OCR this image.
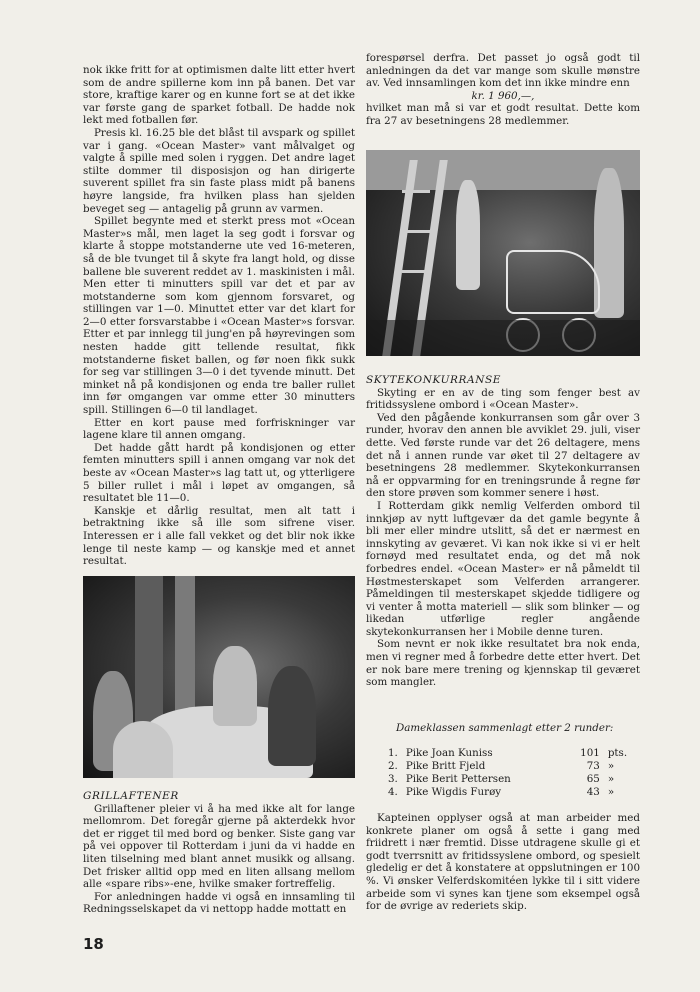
nok ikke fritt for at optimismen dalte litt etter hvert som de andre spillerne kom inn på banen. Det var store, kraftige karer og en kunne fort se at det ikke var første gang de sparket fotball. De hadde nok lekt med fotballen før.

Presis kl. 16.25 ble det blåst til avspark og spillet var i gang. «Ocean Master» vant målvalget og valgte å spille med solen i ryggen. Det andre laget stilte dommer til disposisjon og han dirigerte suverent spillet fra sin faste plass midt på banens høyre langside, fra hvilken plass han sjelden beveget seg — antagelig på grunn av varmen.

Spillet begynte med et sterkt press mot «Ocean Master»s mål, men laget la seg godt i forsvar og klarte å stoppe motstanderne ute ved 16-meteren, så de ble tvunget til å skyte fra langt hold, og disse ballene ble suverent reddet av 1. maskinisten i mål. Men etter ti minutters spill var det et par av motstanderne som kom gjennom forsvaret, og stillingen var 1—0. Minuttet etter var det klart for 2—0 etter forsvarstabbe i «Ocean Master»s forsvar. Etter et par innlegg til jung'en på høyrevingen som nesten hadde gitt tellende resultat, fikk motstanderne fisket ballen, og før noen fikk sukk for seg var stillingen 3—0 i det tyvende minutt. Det minket nå på kondisjonen og enda tre baller rullet inn før omgangen var omme etter 30 minutters spill. Stillingen 6—0 til landlaget.

Etter en kort pause med forfriskninger var lagene klare til annen omgang.

Det hadde gått hardt på kondisjonen og etter femten minutters spill i annen omgang var nok det beste av «Ocean Master»s lag tatt ut, og ytterligere 5 biller rullet i mål i løpet av omgangen, så resultatet ble 11—0.

Kanskje et dårlig resultat, men alt tatt i betraktning ikke så ille som sifrene viser. Interessen er i alle fall vekket og det blir nok ikke lenge til neste kamp — og kanskje med et annet resultat.

GRILLAFTENER

Grillaftener pleier vi å ha med ikke alt for lange mellomrom. Det foregår gjerne på akterdekk hvor det er rigget til med bord og benker. Siste gang var på vei oppover til Rotterdam i juni da vi hadde en liten tilselning med blant annet musikk og allsang. Det frisker alltid opp med en liten allsang mellom alle «spare ribs»-ene, hvilke smaker fortreffelig.

For anledningen hadde vi også en innsamling til Redningsselskapet da vi nettopp hadde mottatt en

18

forespørsel derfra. Det passet jo også godt til anledningen da det var mange som skulle mønstre av. Ved innsamlingen kom det inn ikke mindre enn

kr. 1 960,—,

hvilket man må si var et godt resultat. Dette kom fra 27 av besetningens 28 medlemmer.

SKYTEKONKURRANSE

Skyting er en av de ting som fenger best av fritidssyslene ombord i «Ocean Master».

Ved den pågående konkurransen som går over 3 runder, hvorav den annen ble avviklet 29. juli, viser dette. Ved første runde var det 26 deltagere, mens det nå i annen runde var øket til 27 deltagere av besetningens 28 medlemmer. Skytekonkurransen nå er oppvarming for en treningsrunde å regne før den store prøven som kommer senere i høst.

I Rotterdam gikk nemlig Velferden ombord til innkjøp av nytt luftgevær da det gamle begynte å bli mer eller mindre utslitt, så det er nærmest en innskyting av geværet. Vi kan nok ikke si vi er helt fornøyd med resultatet enda, og det må nok forbedres endel. «Ocean Master» er nå påmeldt til Høstmesterskapet som Velferden arrangerer. Påmeldingen til mesterskapet skjedde tidligere og vi venter å motta materiell — slik som blinker — og likedan utførlige regler angående skytekonkurransen her i Mobile denne turen.

Som nevnt er nok ikke resultatet bra nok enda, men vi regner med å forbedre dette etter hvert. Det er nok bare mere trening og kjennskap til geværet som mangler.

Dameklassen sammenlagt etter 2 runder:

1.	Pike Joan Kuniss	101	pts.
2.	Pike Britt Fjeld	73	»
3.	Pike Berit Pettersen	65	»
4.	Pike Wigdis Furøy	43	»

Kapteinen opplyser også at man arbeider med konkrete planer om også å sette i gang med friidrett i nær fremtid. Disse utdragene skulle gi et godt tverrsnitt av fritidssyslene ombord, og spesielt gledelig er det å konstatere at oppslutningen er 100 %. Vi ønsker Velferdskomitéen lykke til i sitt videre arbeide som vi synes kan tjene som eksempel også for de øvrige av rederiets skip.
